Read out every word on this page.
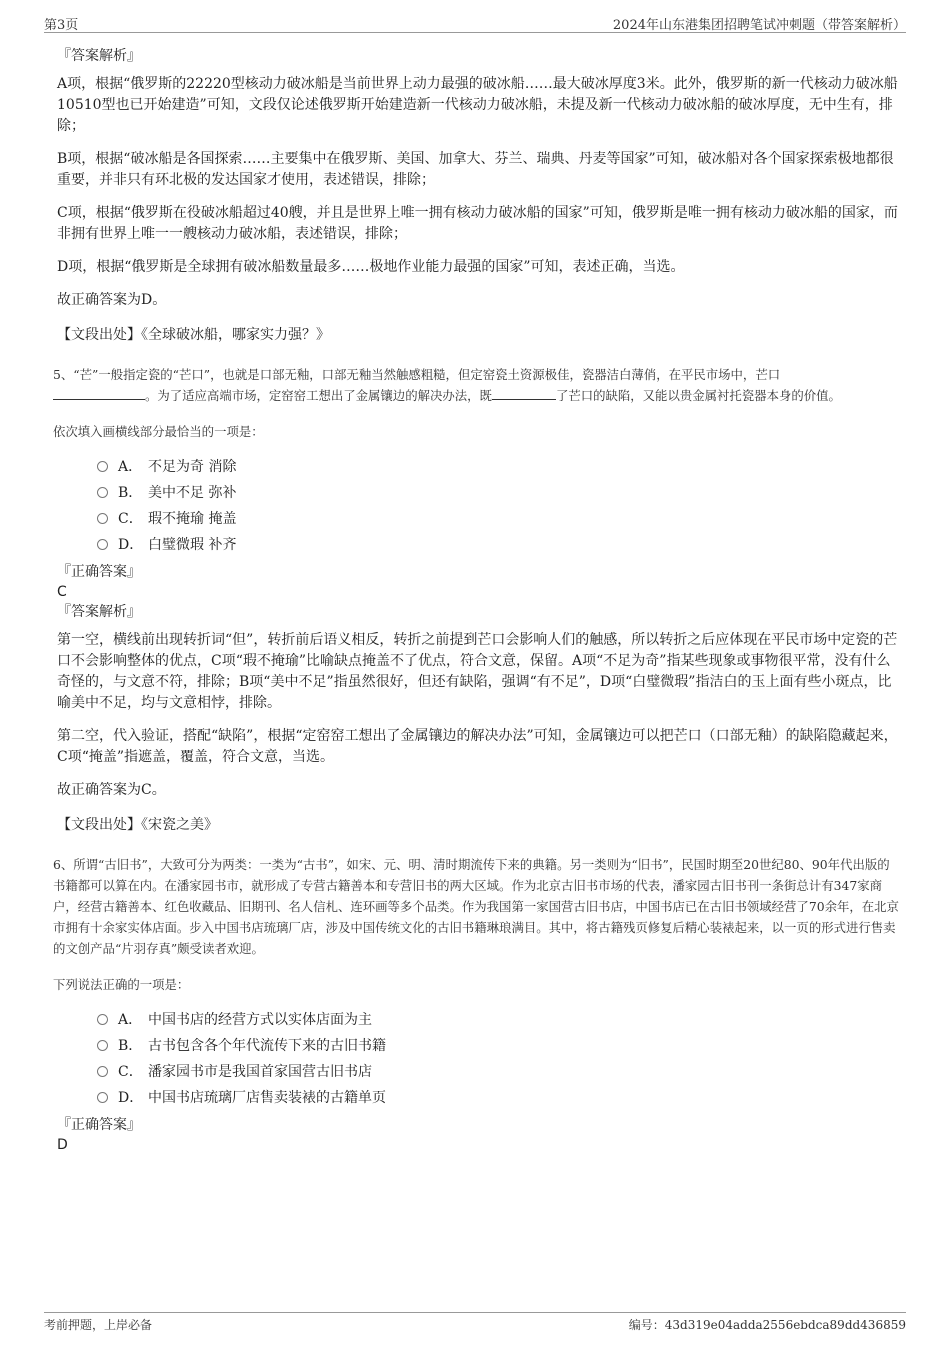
第3页	2024年山东港集团招聘笔试冲刺题（带答案解析）

『答案解析』

A项，根据“俄罗斯的22220型核动力破冰船是当前世界上动力最强的破冰船……最大破冰厚度3米。此外，俄罗斯的新一代核动力破冰船10510型也已开始建造”可知，文段仅论述俄罗斯开始建造新一代核动力破冰船，未提及新一代核动力破冰船的破冰厚度，无中生有，排除；

B项，根据“破冰船是各国探索……主要集中在俄罗斯、美国、加拿大、芬兰、瑞典、丹麦等国家”可知，破冰船对各个国家探索极地都很重要，并非只有环北极的发达国家才使用，表述错误，排除；

C项，根据“俄罗斯在役破冰船超过40艘，并且是世界上唯一拥有核动力破冰船的国家”可知，俄罗斯是唯一拥有核动力破冰船的国家，而非拥有世界上唯一一艘核动力破冰船，表述错误，排除；

D项，根据“俄罗斯是全球拥有破冰船数量最多……极地作业能力最强的国家”可知，表述正确，当选。

故正确答案为D。

【文段出处】《全球破冰船，哪家实力强？》

5、“芒”一般指定瓷的“芒口”，也就是口部无釉，口部无釉当然触感粗糙，但定窑瓷土资源极佳，瓷器洁白薄俏，在平民市场中，芒口
。为了适应高端市场，定窑窑工想出了金属镶边的解决办法，既	了芒口的缺陷，又能以贵金属衬托瓷器本身的价值。

依次填入画横线部分最恰当的一项是：

A． 不足为奇 消除
B． 美中不足 弥补
C． 瑕不掩瑜 掩盖
D． 白璧微瑕 补齐

『正确答案』

C

『答案解析』

第一空，横线前出现转折词“但”，转折前后语义相反，转折之前提到芒口会影响人们的触感，所以转折之后应体现在平民市场中定瓷的芒口不会影响整体的优点，C项“瑕不掩瑜”比喻缺点掩盖不了优点，符合文意，保留。A项“不足为奇”指某些现象或事物很平常，没有什么奇怪的，与文意不符，排除；B项“美中不足”指虽然很好，但还有缺陷，强调“有不足”，D项“白璧微瑕”指洁白的玉上面有些小斑点，比喻美中不足，均与文意相悖，排除。

第二空，代入验证，搭配“缺陷”，根据“定窑窑工想出了金属镶边的解决办法”可知，金属镶边可以把芒口（口部无釉）的缺陷隐藏起来，C项“掩盖”指遮盖，覆盖，符合文意，当选。

故正确答案为C。

【文段出处】《宋瓷之美》

6、所谓“古旧书”，大致可分为两类：一类为“古书”，如宋、元、明、清时期流传下来的典籍。另一类则为“旧书”，民国时期至20世纪80、90年代出版的书籍都可以算在内。在潘家园书市，就形成了专营古籍善本和专营旧书的两大区域。作为北京古旧书市场的代表，潘家园古旧书刊一条街总计有347家商户，经营古籍善本、红色收藏品、旧期刊、名人信札、连环画等多个品类。作为我国第一家国营古旧书店，中国书店已在古旧书领域经营了70余年，在北京市拥有十余家实体店面。步入中国书店琉璃厂店，涉及中国传统文化的古旧书籍琳琅满目。其中，将古籍残页修复后精心装裱起来，以一页的形式进行售卖的文创产品“片羽存真”颇受读者欢迎。

下列说法正确的一项是：

A． 中国书店的经营方式以实体店面为主
B． 古书包含各个年代流传下来的古旧书籍
C． 潘家园书市是我国首家国营古旧书店
D． 中国书店琉璃厂店售卖装裱的古籍单页

『正确答案』

D

考前押题，上岸必备	编号：43d319e04adda2556ebdca89dd436859
